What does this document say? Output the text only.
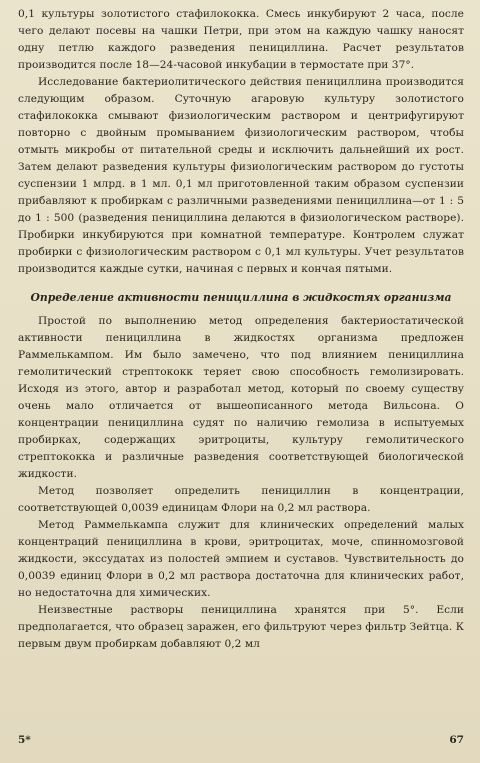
0,1 культуры золотистого стафилококка. Смесь инкубируют 2 часа, после чего делают посевы на чашки Петри, при этом на каждую чашку наносят одну петлю каждого разведения пенициллина. Расчет результатов производится после 18—24-часовой инкубации в термостате при 37°.

Исследование бактериолитического действия пенициллина производится следующим образом. Суточную агаровую культуру золотистого стафилококка смывают физиологическим раствором и центрифугируют повторно с двойным промыванием физиологическим раствором, чтобы отмыть микробы от питательной среды и исключить дальнейший их рост. Затем делают разведения культуры физиологическим раствором до густоты суспензии 1 млрд. в 1 мл. 0,1 мл приготовленной таким образом суспензии прибавляют к пробиркам с различными разведениями пенициллина—от 1 : 5 до 1 : 500 (разведения пенициллина делаются в физиологическом растворе). Пробирки инкубируются при комнатной температуре. Контролем служат пробирки с физиологическим раствором с 0,1 мл культуры. Учет результатов производится каждые сутки, начиная с первых и кончая пятыми.

Определение активности пенициллина в жидкостях организма

Простой по выполнению метод определения бактериостатической активности пенициллина в жидкостях организма предложен Раммелькампом. Им было замечено, что под влиянием пенициллина гемолитический стрептококк теряет свою способность гемолизировать. Исходя из этого, автор и разработал метод, который по своему существу очень мало отличается от вышеописанного метода Вильсона. О концентрации пенициллина судят по наличию гемолиза в испытуемых пробирках, содержащих эритроциты, культуру гемолитического стрептококка и различные разведения соответствующей биологической жидкости.

Метод позволяет определить пенициллин в концентрации, соответствующей 0,0039 единицам Флори на 0,2 мл раствора.

Метод Раммелькампа служит для клинических определений малых концентраций пенициллина в крови, эритроцитах, моче, спинномозговой жидкости, экссудатах из полостей эмпием и суставов. Чувствительность до 0,0039 единиц Флори в 0,2 мл раствора достаточна для клинических работ, но недостаточна для химических.

Неизвестные растворы пенициллина хранятся при 5°. Если предполагается, что образец заражен, его фильтруют через фильтр Зейтца. К первым двум пробиркам добавляют 0,2 мл

5*	67
